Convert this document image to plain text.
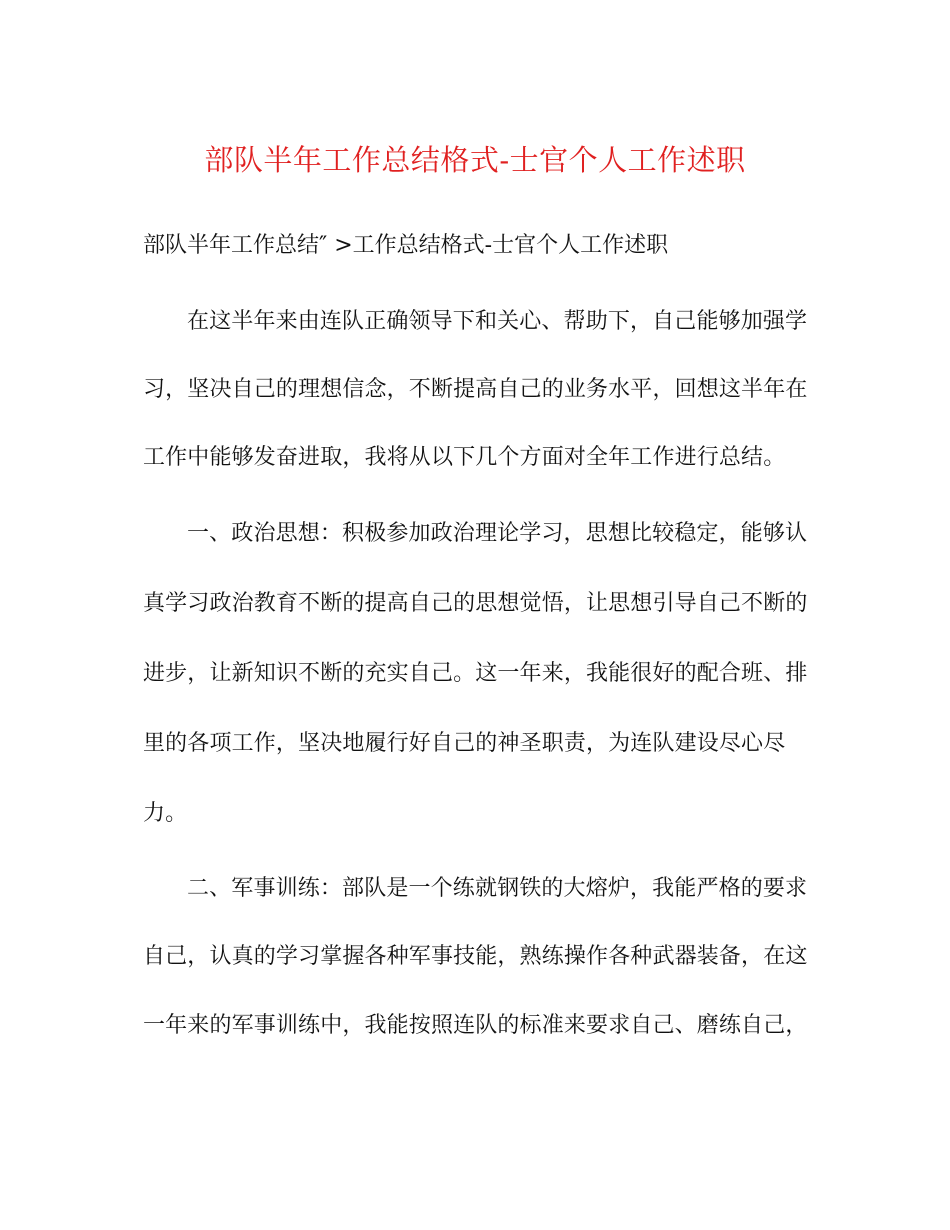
部队半年工作总结格式-士官个人工作述职
部队半年工作总结″ >工作总结格式-士官个人工作述职
在这半年来由连队正确领导下和关心、帮助下，自己能够加强学
习，坚决自己的理想信念，不断提高自己的业务水平，回想这半年在
工作中能够发奋进取，我将从以下几个方面对全年工作进行总结。
一、政治思想：积极参加政治理论学习，思想比较稳定，能够认
真学习政治教育不断的提高自己的思想觉悟，让思想引导自己不断的
进步，让新知识不断的充实自己。这一年来，我能很好的配合班、排
里的各项工作，坚决地履行好自己的神圣职责，为连队建设尽心尽
力。
二、军事训练：部队是一个练就钢铁的大熔炉，我能严格的要求
自己，认真的学习掌握各种军事技能，熟练操作各种武器装备，在这
一年来的军事训练中，我能按照连队的标准来要求自己、磨练自己，
